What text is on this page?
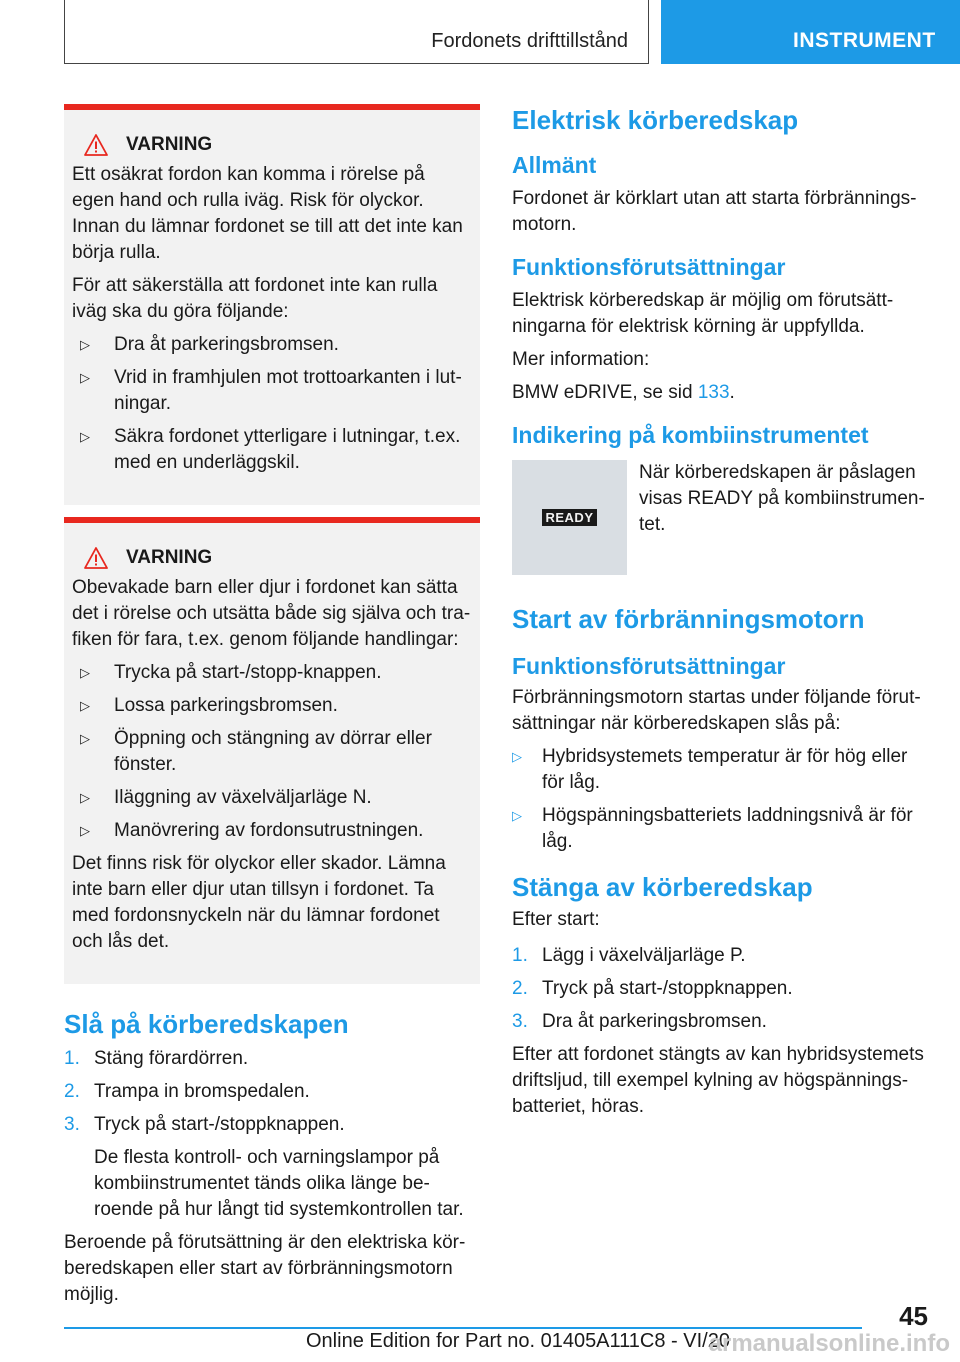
Fordonets drifttillstånd	INSTRUMENT
VARNING

Ett osäkrat fordon kan komma i rörelse på egen hand och rulla iväg. Risk för olyckor. Innan du lämnar fordonet se till att det inte kan börja rulla.

För att säkerställa att fordonet inte kan rulla iväg ska du göra följande:

▷	Dra åt parkeringsbromsen.
▷	Vrid in framhjulen mot trottoarkanten i lut-ningar.
▷	Säkra fordonet ytterligare i lutningar, t.ex. med en underläggskil.
VARNING

Obevakade barn eller djur i fordonet kan sätta det i rörelse och utsätta både sig själva och tra-fiken för fara, t.ex. genom följande handlingar:

▷	Trycka på start-/stopp-knappen.
▷	Lossa parkeringsbromsen.
▷	Öppning och stängning av dörrar eller fönster.
▷	Iläggning av växelväljarläge N.
▷	Manövrering av fordonsutrustningen.

Det finns risk för olyckor eller skador. Lämna inte barn eller djur utan tillsyn i fordonet. Ta med fordonsnyckeln när du lämnar fordonet och lås det.

Slå på körberedskapen
1. Stäng förardörren.
2. Trampa in bromspedalen.
3. Tryck på start-/stoppknappen.

De flesta kontroll- och varningslampor på kombiinstrumentet tänds olika länge be-roende på hur långt tid systemkontrollen tar.

Beroende på förutsättning är den elektriska kör-beredskapen eller start av förbränningsmotorn möjlig.

Elektrisk körberedskap
Allmänt

Fordonet är körklart utan att starta förbrännings-motorn.

Funktionsförutsättningar

Elektrisk körberedskap är möjlig om förutsätt-ningarna för elektrisk körning är uppfyllda.

Mer information:

BMW eDRIVE, se sid 133.

Indikering på kombiinstrumentet
READY
När körberedskapen är påslagen visas READY på kombiinstrumen-tet.
Start av förbränningsmotorn
Funktionsförutsättningar

Förbränningsmotorn startas under följande förut-sättningar när körberedskapen slås på:

▷	Hybridsystemets temperatur är för hög eller för låg.
▷	Högspänningsbatteriets laddningsnivå är för låg.
Stänga av körberedskap

Efter start:

1. Lägg i växelväljarläge P.
2. Tryck på start-/stoppknappen.
3. Dra åt parkeringsbromsen.

Efter att fordonet stängts av kan hybridsystemets driftsljud, till exempel kylning av högspännings-batteriet, höras.

45
Online Edition for Part no. 01405A111C8 - VI/20
armanualsonline.info
